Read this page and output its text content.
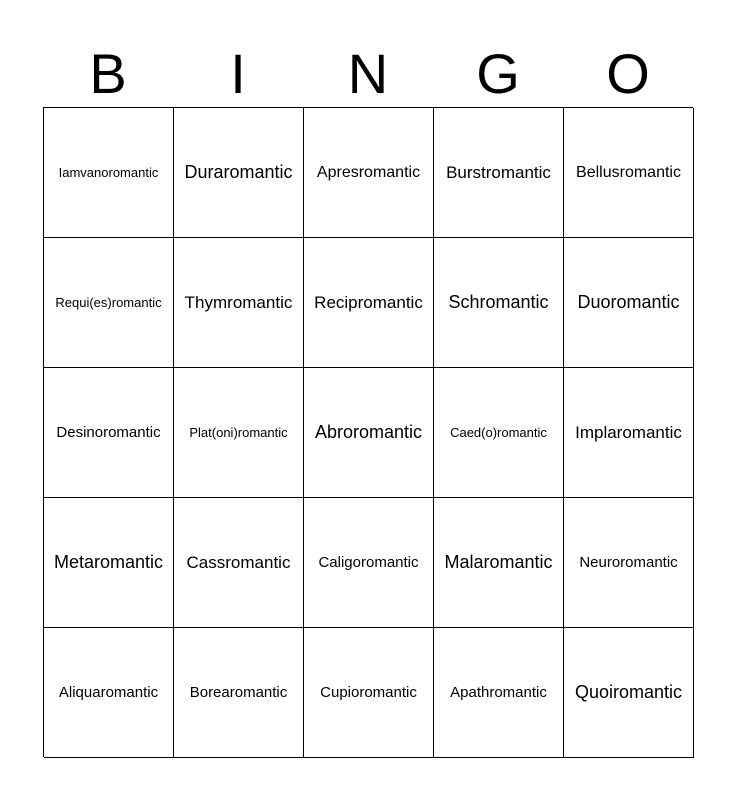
B	I	N	G	O
Iamvanoromantic	Duraromantic	Apresromantic	Burstromantic	Bellusromantic
Requi(es)romantic	Thymromantic	Recipromantic	Schromantic	Duoromantic
Desinoromantic	Plat(oni)romantic	Abroromantic	Caed(o)romantic	Implaromantic
Metaromantic	Cassromantic	Caligoromantic	Malaromantic	Neuroromantic
Aliquaromantic	Borearomantic	Cupioromantic	Apathromantic	Quoiromantic
